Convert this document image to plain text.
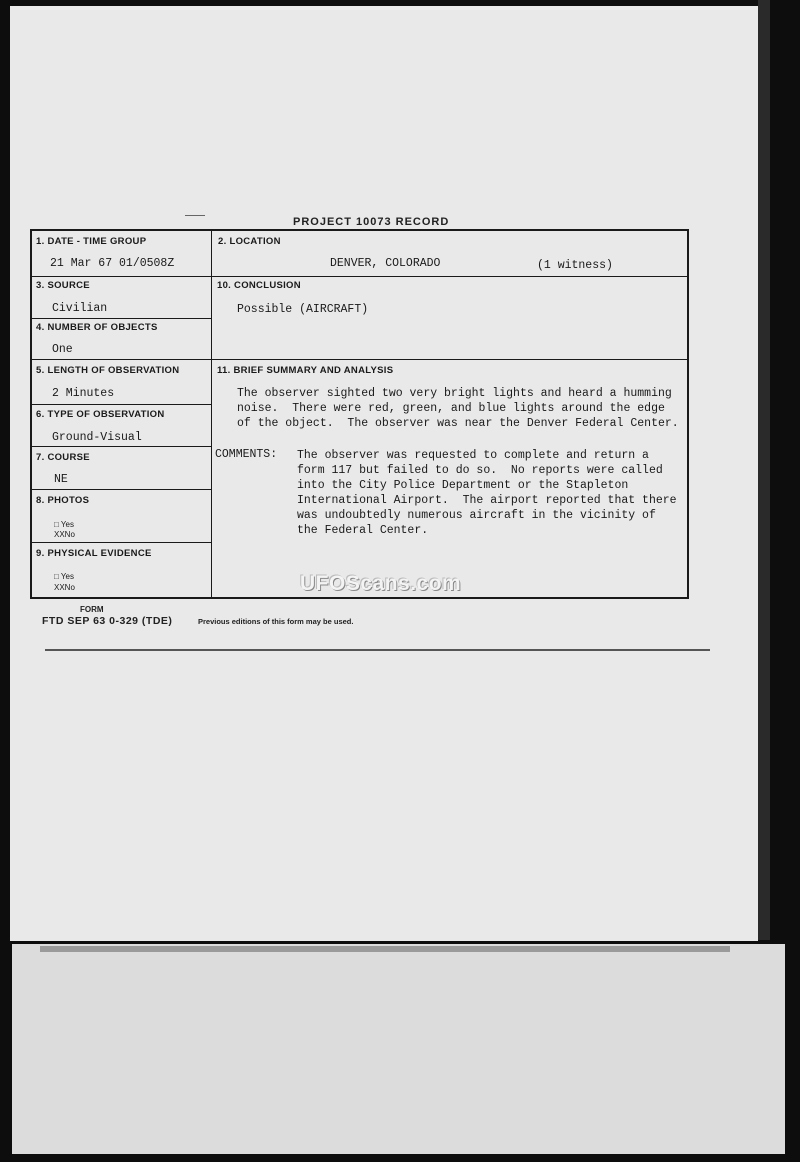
PROJECT 10073 RECORD
1. DATE - TIME GROUP
21 Mar 67 01/0508Z
2. LOCATION
DENVER, COLORADO	(1 witness)
3. SOURCE
Civilian
10. CONCLUSION
Possible (AIRCRAFT)
4. NUMBER OF OBJECTS
One
5. LENGTH OF OBSERVATION
2 Minutes
11. BRIEF SUMMARY AND ANALYSIS
The observer sighted two very bright lights and heard a humming
noise.  There were red, green, and blue lights around the edge
of the object.  The observer was near the Denver Federal Center.
COMMENTS: The observer was requested to complete and return a
form 117 but failed to do so.  No reports were called
into the City Police Department or the Stapleton
International Airport.  The airport reported that there
was undoubtedly numerous aircraft in the vicinity of
the Federal Center.
6. TYPE OF OBSERVATION
Ground-Visual
7. COURSE
NE
8. PHOTOS
□ Yes
XXNo
9. PHYSICAL EVIDENCE
□ Yes
XXNo	UFOScans.com
FORM
FTD SEP 63 0-329 (TDE)	Previous editions of this form may be used.
